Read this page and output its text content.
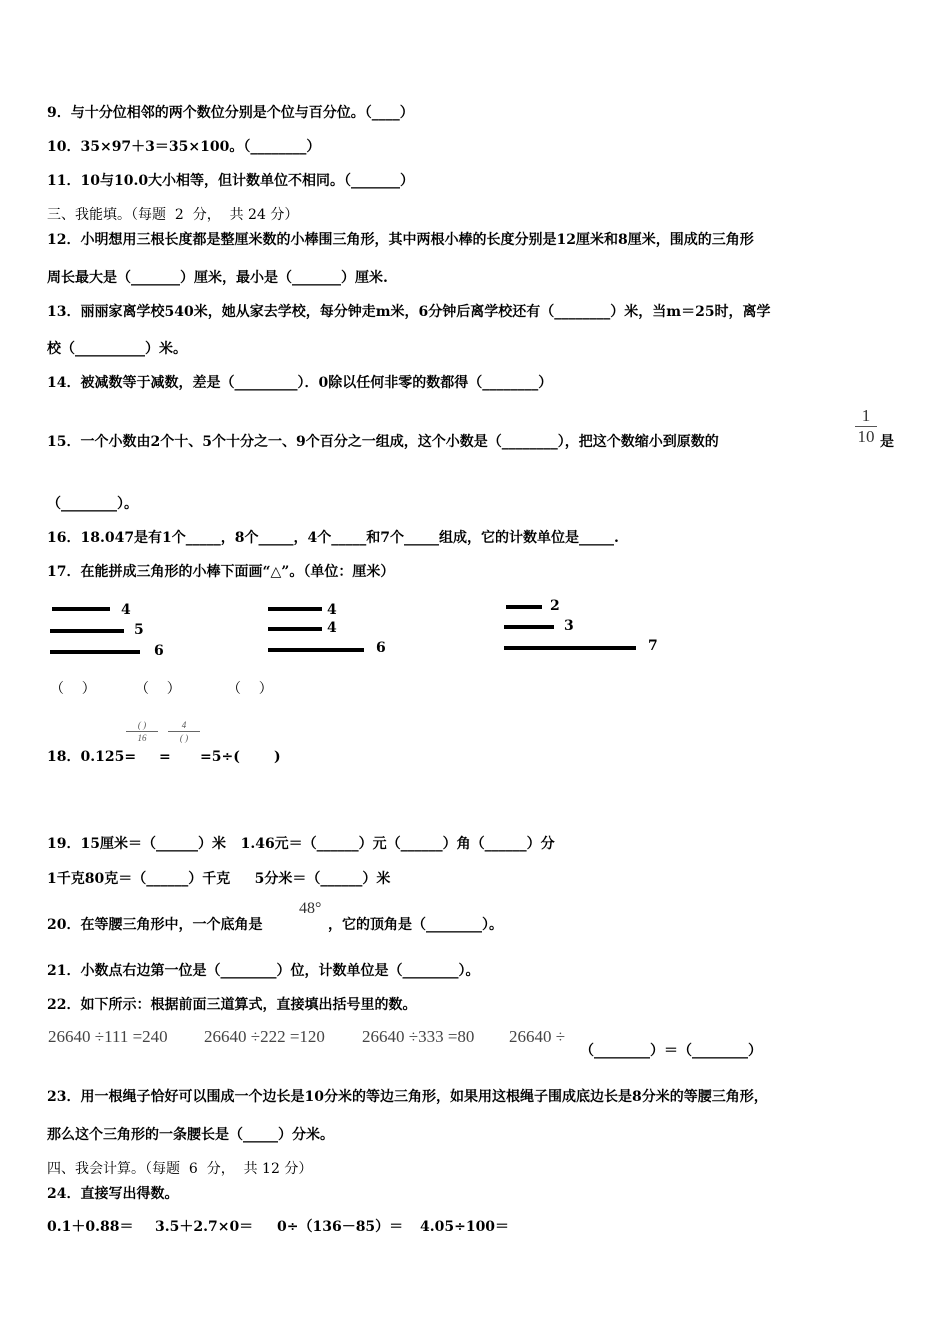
9．与十分位相邻的两个数位分别是个位与百分位。（____）
10．35×97＋3＝35×100。（________）
11．10与10.0大小相等，但计数单位不相同。（_______）
三、我能填。（每题  2  分，  共 24 分）
12．小明想用三根长度都是整厘米数的小棒围三角形，其中两根小棒的长度分别是12厘米和8厘米，围成的三角形
周长最大是（_______）厘米，最小是（_______）厘米.
13．丽丽家离学校540米，她从家去学校，每分钟走m米，6分钟后离学校还有（________）米，当m＝25时，离学
校（__________）米。
14．被减数等于减数，差是（_________）．0除以任何非零的数都得（________）
15．一个小数由2个十、5个十分之一、9个百分之一组成，这个小数是（________），把这个数缩小到原数的
1
10 是
（________）。
16．18.047是有1个_____，8个_____，4个_____和7个_____组成，它的计数单位是_____.
17．在能拼成三角形的小棒下面画“△”。（单位：厘米）
4
5
6
4
4
6
2
3
7
（    ）	（    ）	（    ）
18．0.125=
( )
16
=
4
( )
=5÷(       )
19．15厘米＝（______）米   1.46元＝（______）元（______）角（______）分
1千克80克＝（______）千克     5分米＝（______）米
20．在等腰三角形中，一个底角是
48°
，它的顶角是（________）。
21．小数点右边第一位是（________）位，计数单位是（________）。
22．如下所示：根据前面三道算式，直接填出括号里的数。
26640 ÷111 =240 26640 ÷222 =120 26640 ÷333 =80 26640 ÷
（________）＝（________）
23．用一根绳子恰好可以围成一个边长是10分米的等边三角形，如果用这根绳子围成底边长是8分米的等腰三角形，
那么这个三角形的一条腰长是（_____）分米。
四、我会计算。（每题  6  分，  共 12 分）
24．直接写出得数。
0.1＋0.88＝ 3.5＋2.7×0＝ 0÷（136－85）＝ 4.05÷100＝
